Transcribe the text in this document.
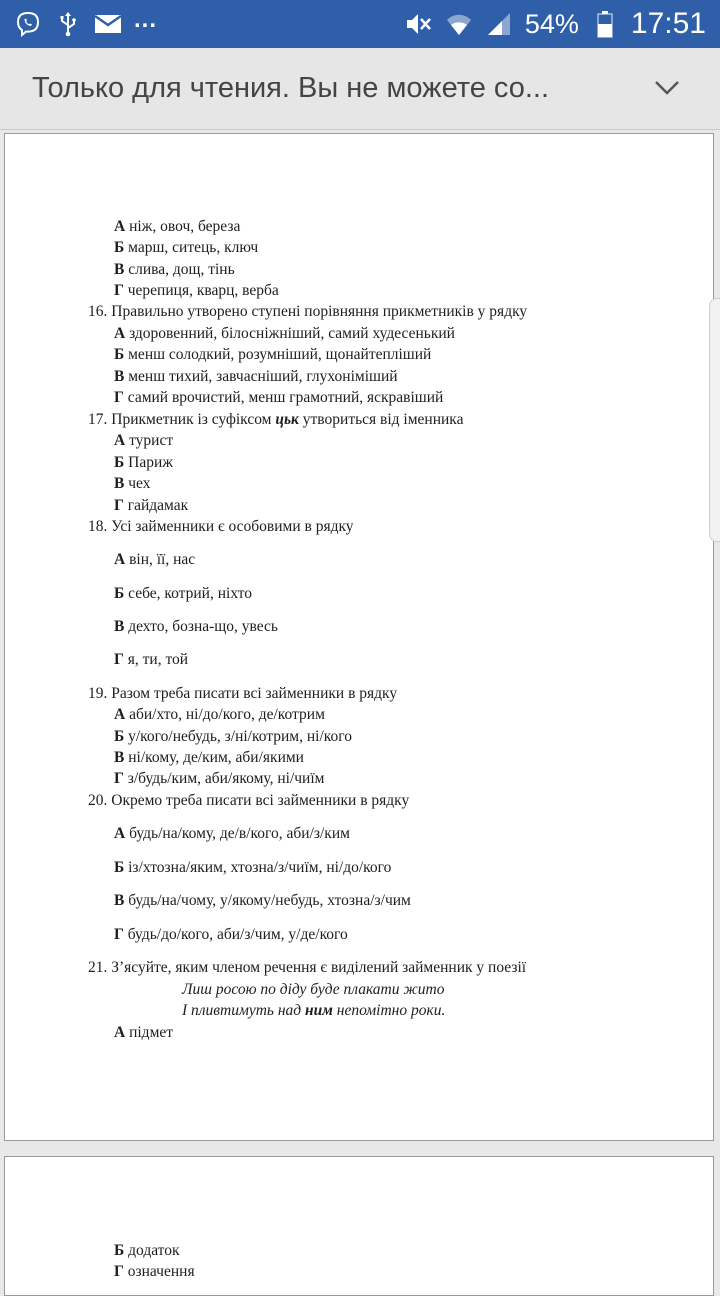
...	54% 17:51
Только для чтения. Вы не можете со...
А ніж, овоч, береза
Б марш, ситець, ключ
В слива, дощ, тінь
Г черепиця, кварц, верба
16. Правильно утворено ступені порівняння прикметників у рядку
А здоровенний, білосніжніший, самий худесенький
Б менш солодкий, розумніший, щонайтепліший
В менш тихий, завчасніший, глухоніміший
Г самий врочистий, менш грамотний, яскравіший
17. Прикметник із суфіксом цьк утвориться від іменника
А турист
Б Париж
В чех
Г гайдамак
18. Усі займенники є особовими в рядку
А він, її, нас
Б себе, котрий, ніхто
В дехто, бозна-що, увесь
Г я, ти, той
19. Разом треба писати всі займенники в рядку
А аби/хто, ні/до/кого, де/котрим
Б у/кого/небудь, з/ні/котрим, ні/кого
В ні/кому, де/ким, аби/якими
Г з/будь/ким, аби/якому, ні/чиїм
20. Окремо треба писати всі займенники в рядку
А будь/на/кому, де/в/кого, аби/з/ким
Б із/хтозна/яким, хтозна/з/чиїм, ні/до/кого
В будь/на/чому, у/якому/небудь, хтозна/з/чим
Г будь/до/кого, аби/з/чим, у/де/кого
21. З’ясуйте, яким членом речення є виділений займенник у поезії
Лиш росою по діду буде плакати жито
І пливтимуть над ним непомітно роки.
А підмет
Б додаток
Г означення
